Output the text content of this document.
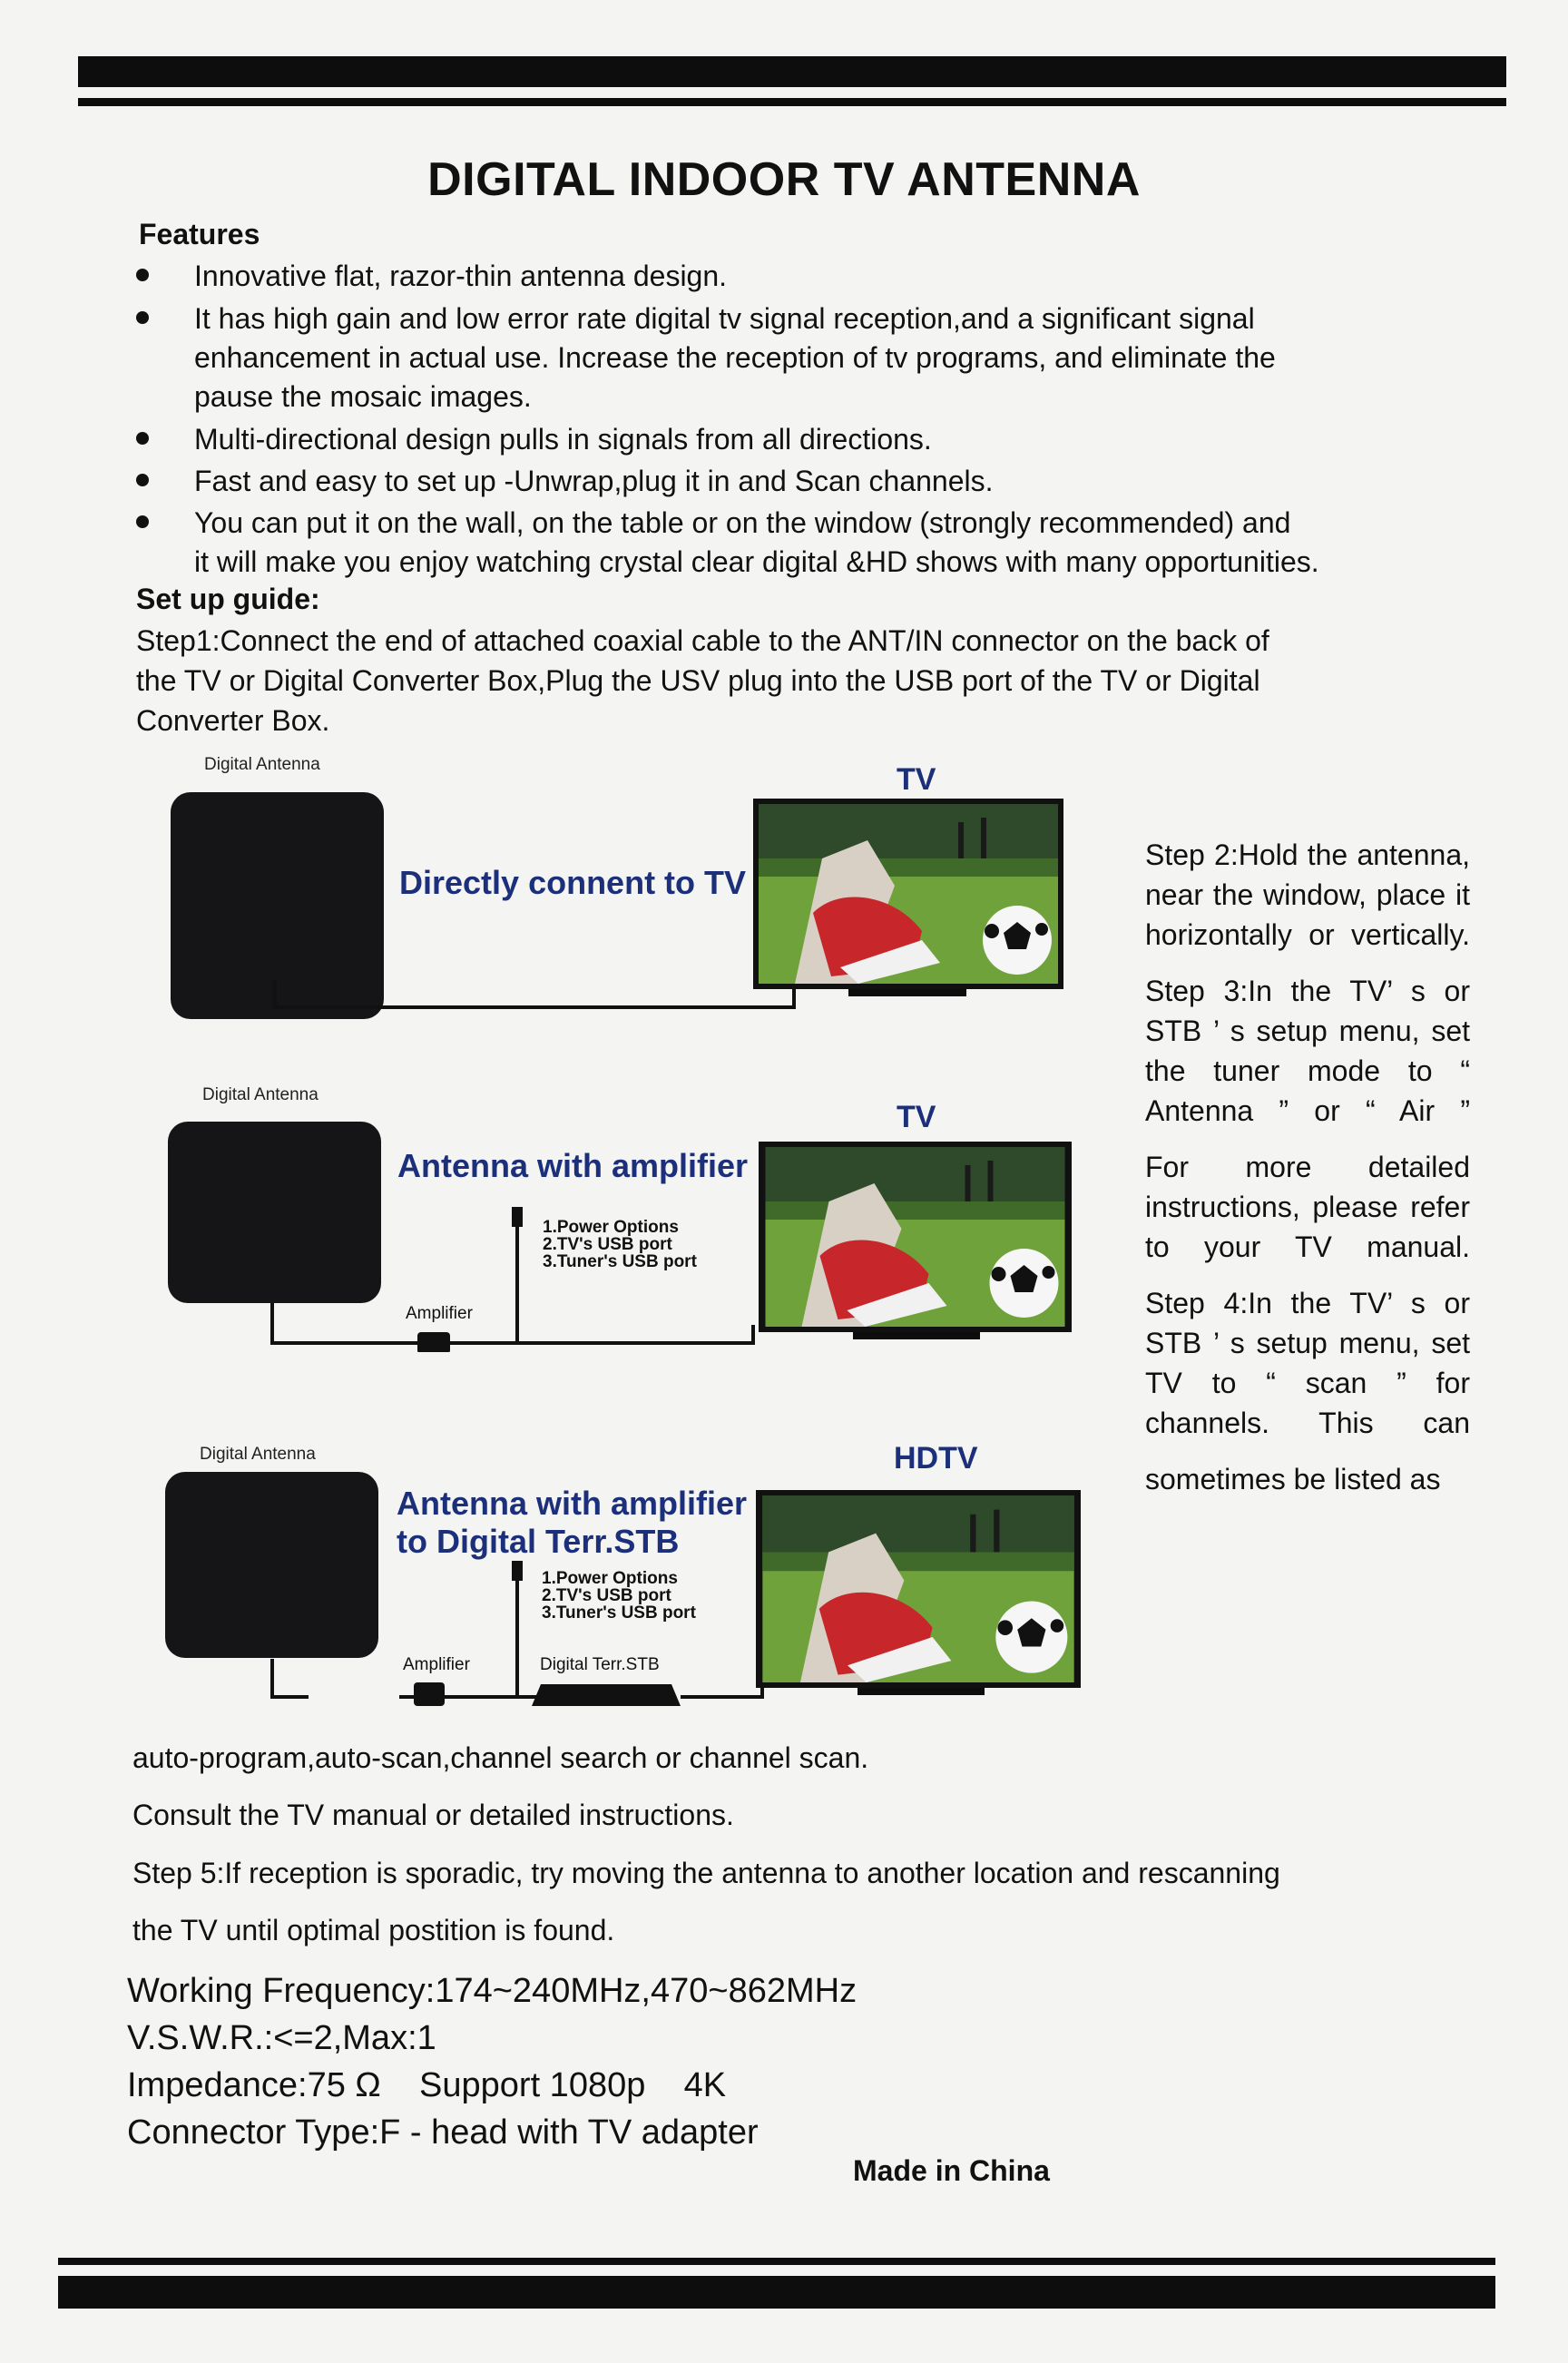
DIGITAL INDOOR TV ANTENNA
Features
Innovative flat, razor-thin antenna design.
It has high gain and low error rate digital tv signal reception,and a significant signal
enhancement in actual use. Increase the reception of tv programs, and eliminate the
pause the mosaic images.
Multi-directional design pulls in signals from all directions.
Fast and easy to set up -Unwrap,plug it in and Scan channels.
You can put it on the wall, on the table or on the window (strongly recommended) and
it will make you enjoy watching crystal clear digital &HD shows with many opportunities.
Set up guide:
Step1:Connect the end of attached coaxial cable to the ANT/IN connector on the back of
the TV or Digital Converter Box,Plug the USV plug into the USB port of the TV or Digital
Converter Box.
Digital Antenna
Directly connent to TV
TV

Step 2:Hold the antenna, near the window, place it horizontally or vertically.

Step 3:In the TV’ s or STB ’ s setup menu, set the tuner mode to “ Antenna ” or “ Air ”

For more detailed instructions, please refer to your TV manual.

Step 4:In the TV’ s or STB ’ s setup menu, set TV to “ scan ” for channels. This can

sometimes be listed as

Digital Antenna
Antenna with amplifier
TV
1.Power Options
2.TV's USB port
3.Tuner's USB port
Amplifier
Digital Antenna
Antenna with amplifier
to Digital Terr.STB
HDTV
1.Power Options
2.TV's USB port
3.Tuner's USB port
Amplifier	Digital Terr.STB
auto-program,auto-scan,channel search or channel scan.
Consult the TV manual or detailed instructions.
Step 5:If reception is sporadic, try moving the antenna to another location and rescanning
the TV until optimal postition is found.
Working Frequency:174~240MHz,470~862MHz
V.S.W.R.:<=2,Max:1
Impedance:75 Ω    Support 1080p    4K
Connector Type:F - head with TV adapter
Made in China
